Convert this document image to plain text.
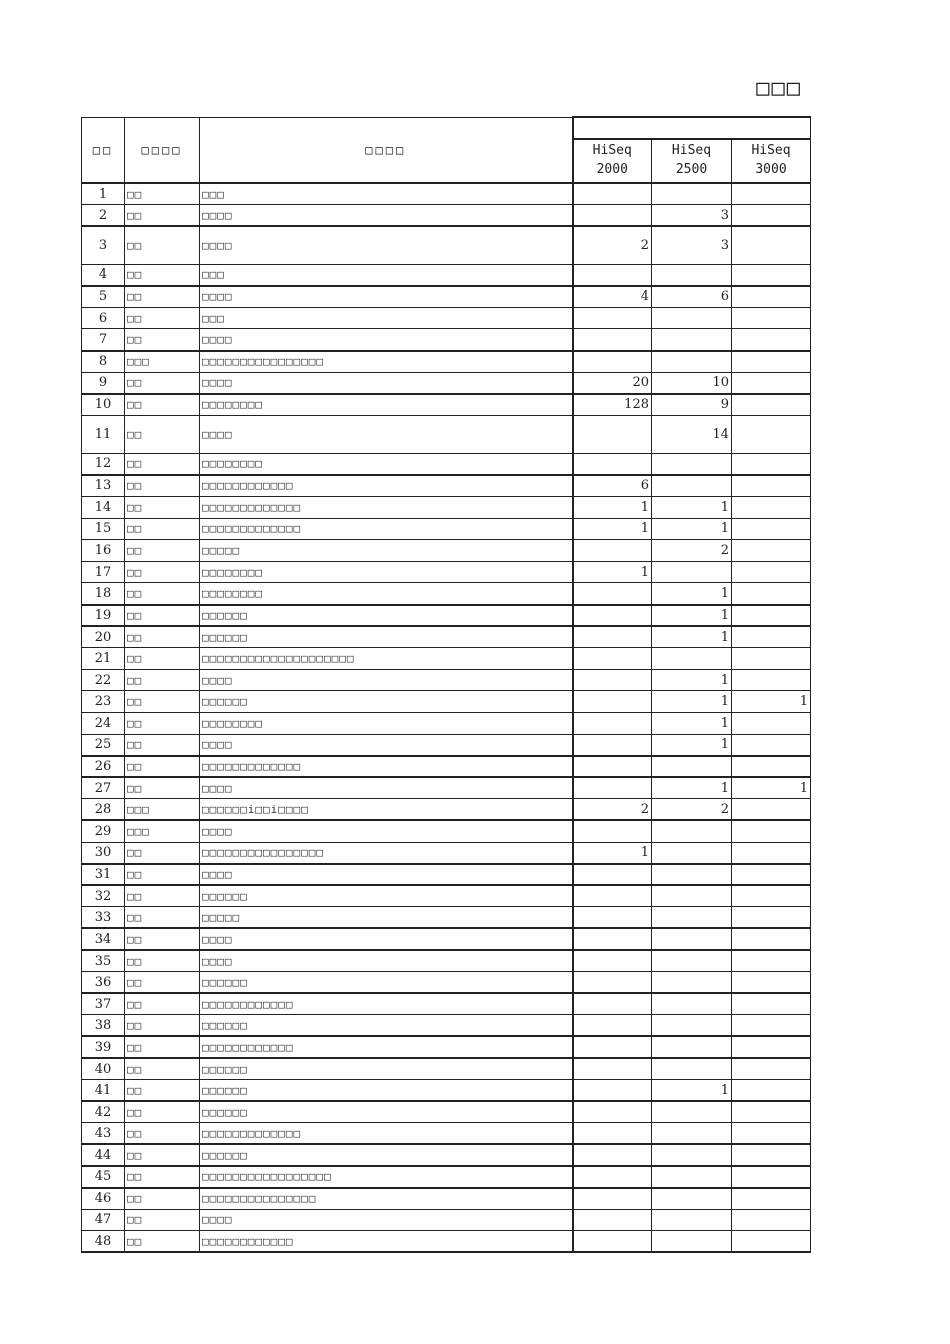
□□□
□□	□□□□	□□□□			
			HiSeq 2000	HiSeq 2500	HiSeq 3000
1	□□	□□□			
2	□□	□□□□		3	
3	□□	□□□□	2	3	
4	□□	□□□			
5	□□	□□□□	4	6	
6	□□	□□□			
7	□□	□□□□			
8	□□□	□□□□□□□□□□□□□□□□			
9	□□	□□□□	20	10	
10	□□	□□□□□□□□	128	9	
11	□□	□□□□		14	
12	□□	□□□□□□□□			
13	□□	□□□□□□□□□□□□	6		
14	□□	□□□□□□□□□□□□□	1	1	
15	□□	□□□□□□□□□□□□□	1	1	
16	□□	□□□□□		2	
17	□□	□□□□□□□□	1		
18	□□	□□□□□□□□		1	
19	□□	□□□□□□		1	
20	□□	□□□□□□		1	
21	□□	□□□□□□□□□□□□□□□□□□□□			
22	□□	□□□□		1	
23	□□	□□□□□□		1	1
24	□□	□□□□□□□□		1	
25	□□	□□□□		1	
26	□□	□□□□□□□□□□□□□			
27	□□	□□□□		1	1
28	□□□	□□□□□□i□□i□□□□	2	2	
29	□□□	□□□□			
30	□□	□□□□□□□□□□□□□□□□	1		
31	□□	□□□□			
32	□□	□□□□□□			
33	□□	□□□□□			
34	□□	□□□□			
35	□□	□□□□			
36	□□	□□□□□□			
37	□□	□□□□□□□□□□□□			
38	□□	□□□□□□			
39	□□	□□□□□□□□□□□□			
40	□□	□□□□□□			
41	□□	□□□□□□		1	
42	□□	□□□□□□			
43	□□	□□□□□□□□□□□□□			
44	□□	□□□□□□			
45	□□	□□□□□□□□□□□□□□□□□			
46	□□	□□□□□□□□□□□□□□□			
47	□□	□□□□			
48	□□	□□□□□□□□□□□□			
